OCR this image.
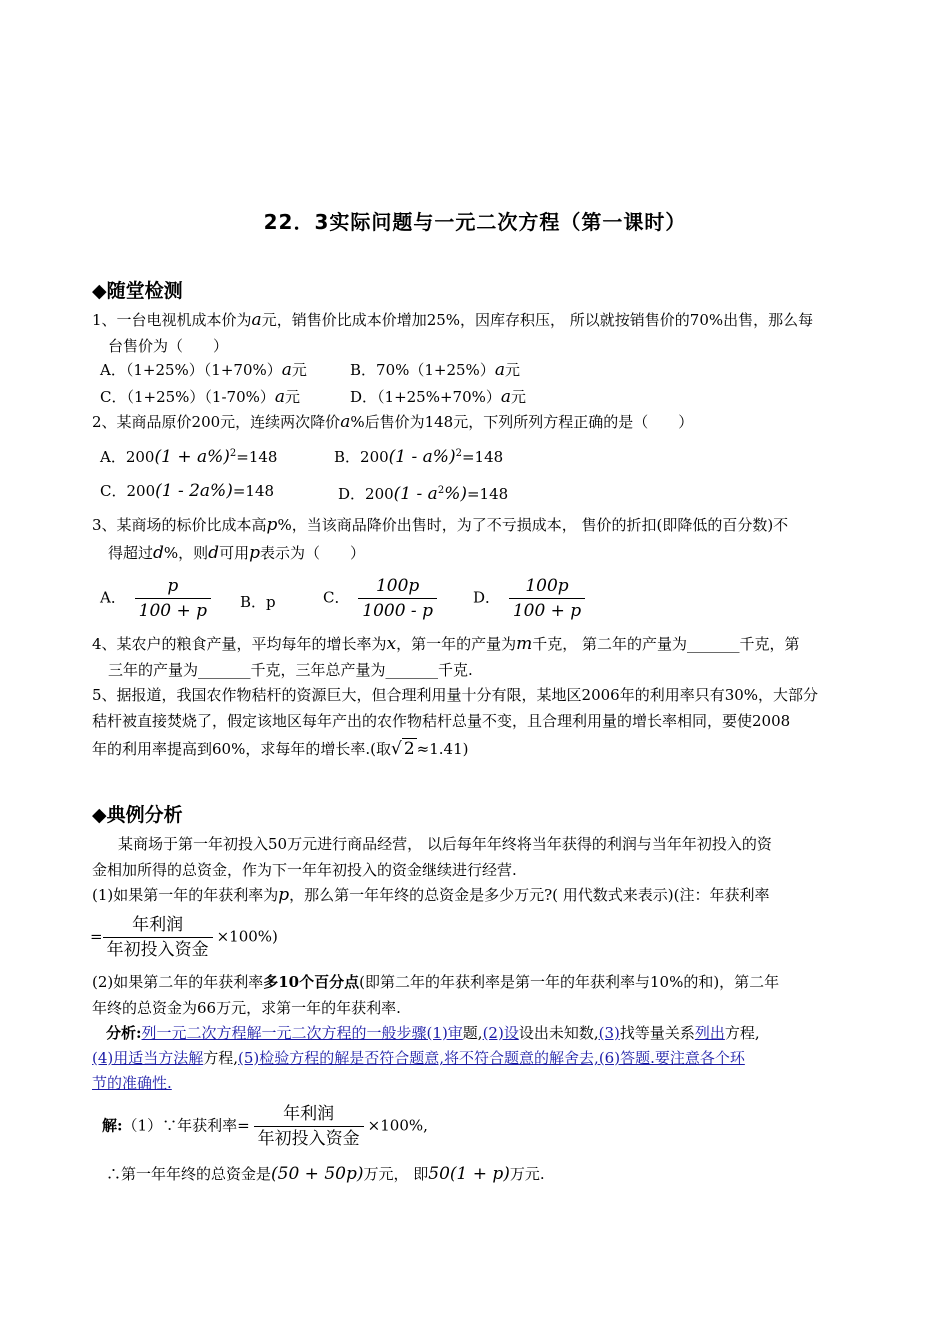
22．3实际问题与一元二次方程（第一课时）
◆随堂检测
1、一台电视机成本价为a元，销售价比成本价增加25%，因库存积压， 所以就按销售价的70%出售，那么每
台售价为（　　）
A．（1+25%）（1+70%）a元	B．70%（1+25%）a元
C．（1+25%）（1-70%）a元	D．（1+25%+70%）a元
2、某商品原价200元，连续两次降价a%后售价为148元，下列所列方程正确的是（　　）
A．$200(1 + a\%)^2=148$	B．200(1 - a%)$^2$=148
C．200(1 - 2a%)=148	D．$200(1 - a^2\%)=148$
3、某商场的标价比成本高p%，当该商品降价出售时，为了不亏损成本， 售价的折扣(即降低的百分数)不
得超过d%，则d可用p表示为（　　）
A． $\frac{p}{100 + p}$ B．p	C． $\frac{100p}{1000 - p}$ D． $\frac{100p}{100 + p}$
4、某农户的粮食产量，平均每年的增长率为x，第一年的产量为m千克， 第二年的产量为_______千克，第
三年的产量为_______千克，三年总产量为_______千克.
5、据报道，我国农作物秸杆的资源巨大，但合理利用量十分有限，某地区2006年的利用率只有30%，大部分
秸杆被直接焚烧了，假定该地区每年产出的农作物秸杆总量不变，且合理利用量的增长率相同，要使2008
年的利用率提高到60%，求每年的增长率.(取√ 2 ≈1.41)
◆典例分析
某商场于第一年初投入50万元进行商品经营， 以后每年年终将当年获得的利润与当年年初投入的资
金相加所得的总资金，作为下一年年初投入的资金继续进行经营.
(1)如果第一年的年获利率为p，那么第一年年终的总资金是多少万元?( 用代数式来表示)(注：年获利率
= $\frac{\text{年利润}}{\text{年初投入资金}} \times 100\%$)
(2)如果第二年的年获利率多10个百分点(即第二年的年获利率是第一年的年获利率与10%的和)，第二年
年终的总资金为66万元，求第一年的年获利率.
分析:列一元二次方程解一元二次方程的一般步骤(1)审题,(2)设设出未知数,(3)找等量关系列出方程,
(4)用适当方法解方程,(5)检验方程的解是否符合题意,将不符合题意的解舍去,(6)答题.要注意各个环
节的准确性.
解:（1）∵年获利率= $\frac{\text{年利润}}{\text{年初投入资金}} \times 100\%$,
∴第一年年终的总资金是(50 + 50p)万元， 即50(1 + p)万元.
